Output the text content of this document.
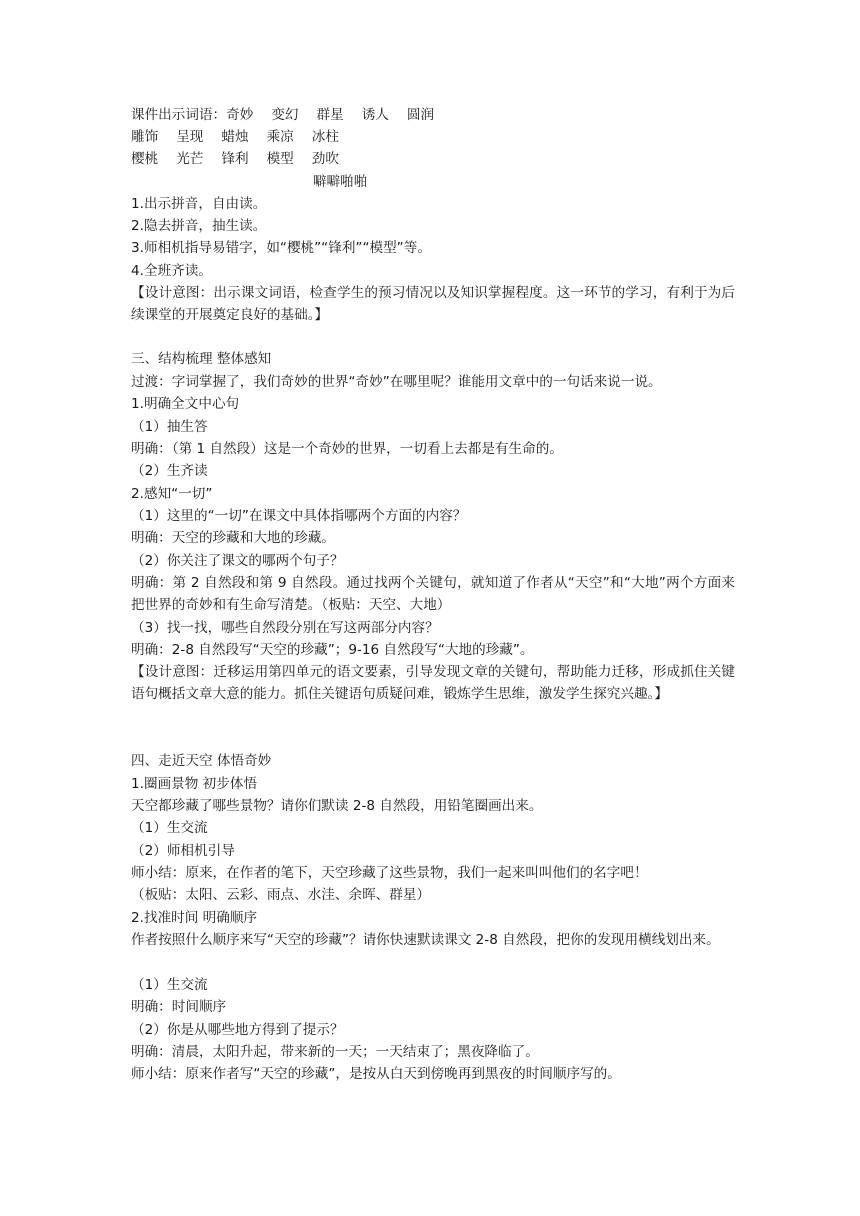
课件出示词语：奇妙 变幻 群星 诱人 圆润
雕饰 呈现 蜡烛 乘凉 冰柱
樱桃 光芒 锋利 模型 劲吹
噼噼啪啪
1.出示拼音，自由读。
2.隐去拼音，抽生读。
3.师相机指导易错字，如“樱桃”“锋利”“模型”等。
4.全班齐读。
【设计意图：出示课文词语，检查学生的预习情况以及知识掌握程度。这一环节的学习，有利于为后续课堂的开展奠定良好的基础。】
三、结构梳理 整体感知
过渡：字词掌握了，我们奇妙的世界“奇妙”在哪里呢？谁能用文章中的一句话来说一说。
1.明确全文中心句
（1）抽生答
明确：（第 1 自然段）这是一个奇妙的世界，一切看上去都是有生命的。
（2）生齐读
2.感知“一切”
（1）这里的“一切”在课文中具体指哪两个方面的内容？
明确：天空的珍藏和大地的珍藏。
（2）你关注了课文的哪两个句子？
明确：第 2 自然段和第 9 自然段。通过找两个关键句，就知道了作者从“天空”和“大地”两个方面来把世界的奇妙和有生命写清楚。（板贴：天空、大地）
（3）找一找，哪些自然段分别在写这两部分内容？
明确：2-8 自然段写“天空的珍藏”；9-16 自然段写“大地的珍藏”。
【设计意图：迁移运用第四单元的语文要素，引导发现文章的关键句，帮助能力迁移，形成抓住关键语句概括文章大意的能力。抓住关键语句质疑问难，锻炼学生思维，激发学生探究兴趣。】
四、走近天空 体悟奇妙
1.圈画景物 初步体悟
天空都珍藏了哪些景物？请你们默读 2-8 自然段，用铅笔圈画出来。
（1）生交流
（2）师相机引导
师小结：原来，在作者的笔下，天空珍藏了这些景物，我们一起来叫叫他们的名字吧！
（板贴：太阳、云彩、雨点、水洼、余晖、群星）
2.找准时间 明确顺序
作者按照什么顺序来写“天空的珍藏”？请你快速默读课文 2-8 自然段，把你的发现用横线划出来。
（1）生交流
明确：时间顺序
（2）你是从哪些地方得到了提示？
明确：清晨，太阳升起，带来新的一天；一天结束了；黑夜降临了。
师小结：原来作者写“天空的珍藏”，是按从白天到傍晚再到黑夜的时间顺序写的。
